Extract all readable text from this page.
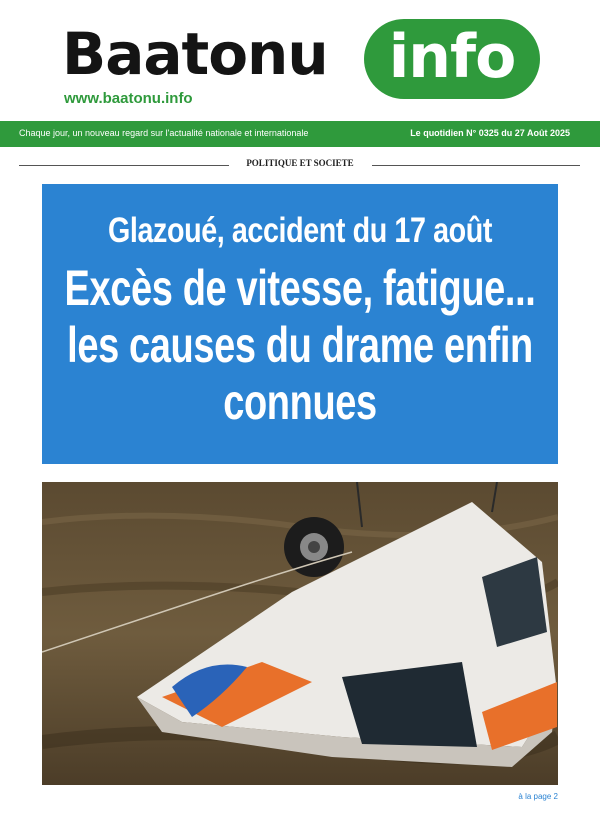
Baatonu	info
www.baatonu.info
Chaque jour, un nouveau regard sur l'actualité nationale et internationale	Le quotidien N° 0325 du 27 Août 2025
POLITIQUE ET SOCIETE
Glazoué, accident du 17 août
Excès de vitesse, fatigue... les causes du drame enfin connues
à la page 2
